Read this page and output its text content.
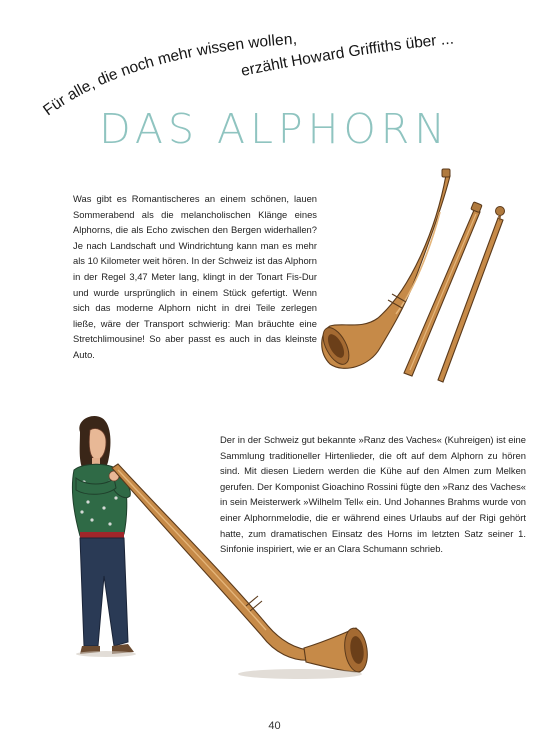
Für alle, die noch mehr wissen wollen,
erzählt Howard Griffiths über ...
DAS ALPHORN

Was gibt es Romantischeres an einem schönen, lauen Sommerabend als die melancholischen Klänge eines Alphorns, die als Echo zwischen den Bergen widerhallen? Je nach Landschaft und Windrichtung kann man es mehr als 10 Kilometer weit hören. In der Schweiz ist das Alphorn in der Regel 3,47 Meter lang, klingt in der Tonart Fis-Dur und wurde ursprünglich in einem Stück gefertigt. Wenn sich das moderne Alphorn nicht in drei Teile zerlegen ließe, wäre der Transport schwierig: Man bräuchte eine Stretchlimousine! So aber passt es auch in das kleinste Auto.

Der in der Schweiz gut bekannte »Ranz des Vaches« (Kuhreigen) ist eine Sammlung traditioneller Hirtenlieder, die oft auf dem Alphorn zu hören sind. Mit diesen Liedern werden die Kühe auf den Almen zum Melken gerufen. Der Komponist Gioachino Rossini fügte den »Ranz des Vaches« in sein Meisterwerk »Wilhelm Tell« ein. Und Johannes Brahms wurde von einer Alphornmelodie, die er während eines Urlaubs auf der Rigi gehört hatte, zum dramatischen Einsatz des Horns im letzten Satz seiner 1. Sinfonie inspiriert, wie er an Clara Schumann schrieb.
40
